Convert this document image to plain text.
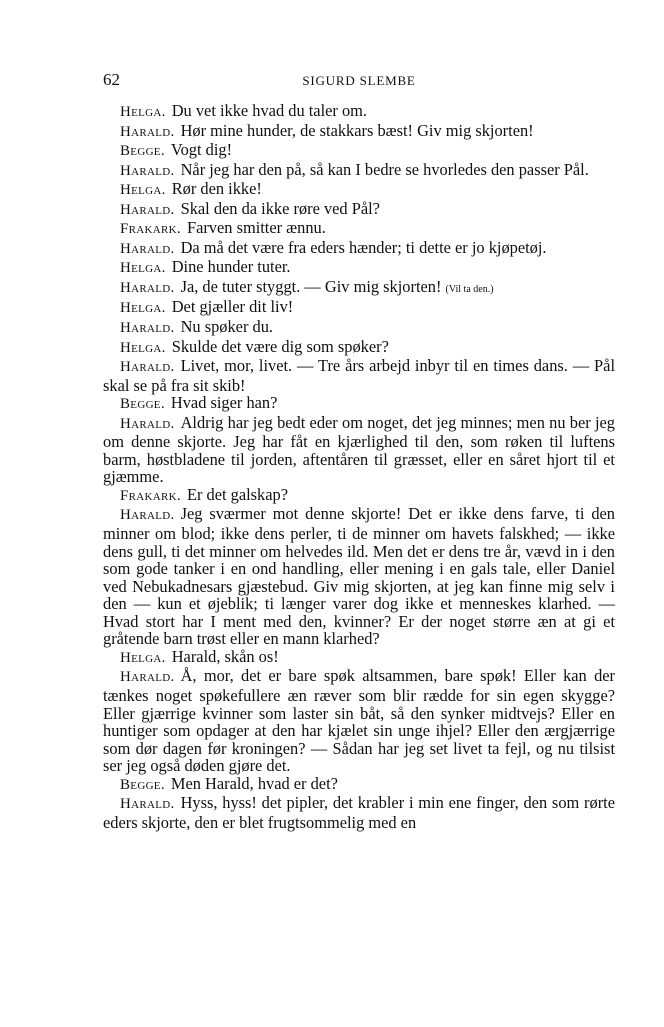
62	SIGURD SLEMBE

Helga. Du vet ikke hvad du taler om.

Harald. Hør mine hunder, de stakkars bæst! Giv mig skjorten!

Begge. Vogt dig!

Harald. Når jeg har den på, så kan I bedre se hvorledes den passer Pål.

Helga. Rør den ikke!

Harald. Skal den da ikke røre ved Pål?

Frakark. Farven smitter ænnu.

Harald. Da må det være fra eders hænder; ti dette er jo kjøpetøj.

Helga. Dine hunder tuter.

Harald. Ja, de tuter styggt. — Giv mig skjorten! (Vil ta den.)

Helga. Det gjæller dit liv!

Harald. Nu spøker du.

Helga. Skulde det være dig som spøker?

Harald. Livet, mor, livet. — Tre års arbejd inbyr til en times dans. — Pål skal se på fra sit skib!

Begge. Hvad siger han?

Harald. Aldrig har jeg bedt eder om noget, det jeg minnes; men nu ber jeg om denne skjorte. Jeg har fåt en kjærlighed til den, som røken til luftens barm, høstbladene til jorden, aftentåren til græsset, eller en såret hjort til et gjæmme.

Frakark. Er det galskap?

Harald. Jeg sværmer mot denne skjorte! Det er ikke dens farve, ti den minner om blod; ikke dens perler, ti de minner om havets falskhed; — ikke dens gull, ti det minner om helvedes ild. Men det er dens tre år, vævd in i den som gode tanker i en ond handling, eller mening i en gals tale, eller Daniel ved Nebukadnesars gjæstebud. Giv mig skjorten, at jeg kan finne mig selv i den — kun et øjeblik; ti længer varer dog ikke et menneskes klarhed. — Hvad stort har I ment med den, kvinner? Er der noget større æn at gi et gråtende barn trøst eller en mann klarhed?

Helga. Harald, skån os!

Harald. Å, mor, det er bare spøk altsammen, bare spøk! Eller kan der tænkes noget spøkefullere æn ræver som blir rædde for sin egen skygge? Eller gjærrige kvinner som laster sin båt, så den synker midtvejs? Eller en huntiger som opdager at den har kjælet sin unge ihjel? Eller den ærgjærrige som dør dagen før kroningen? — Sådan har jeg set livet ta fejl, og nu tilsist ser jeg også døden gjøre det.

Begge. Men Harald, hvad er det?

Harald. Hyss, hyss! det pipler, det krabler i min ene finger, den som rørte eders skjorte, den er blet frugtsommelig med en
